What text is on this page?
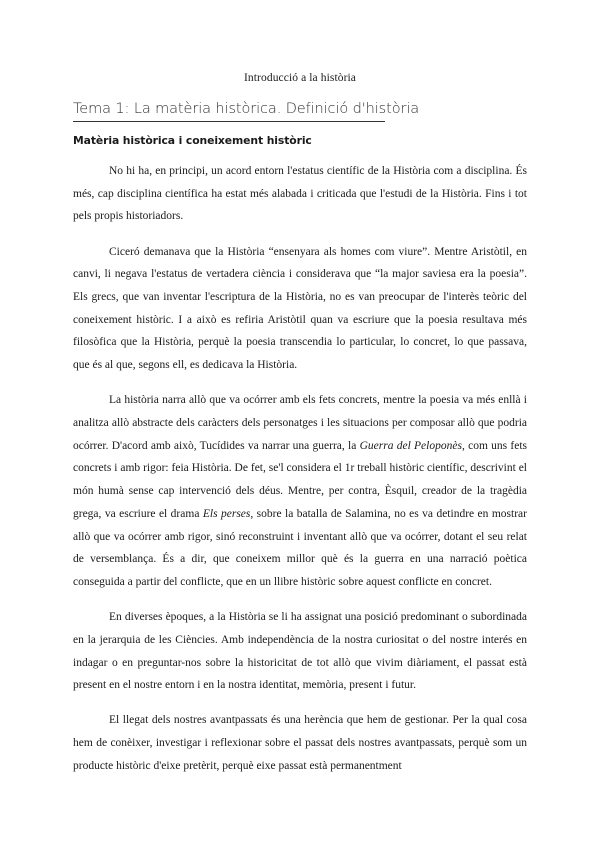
Introducció a la història
Tema 1: La matèria històrica. Definició d'història
Matèria històrica i coneixement històric

No hi ha, en principi, un acord entorn l'estatus científic de la Història com a disciplina. És més, cap disciplina científica ha estat més alabada i criticada que l'estudi de la Història. Fins i tot pels propis historiadors.

Ciceró demanava que la Història “ensenyara als homes com viure”. Mentre Aristòtil, en canvi, li negava l'estatus de vertadera ciència i considerava que “la major saviesa era la poesia”. Els grecs, que van inventar l'escriptura de la Història, no es van preocupar de l'interès teòric del coneixement històric. I a això es refiria Aristòtil quan va escriure que la poesia resultava més filosòfica que la Història, perquè la poesia transcendia lo particular, lo concret, lo que passava, que és al que, segons ell, es dedicava la Història.

La història narra allò que va ocórrer amb els fets concrets, mentre la poesia va més enllà i analitza allò abstracte dels caràcters dels personatges i les situacions per composar allò que podria ocórrer. D'acord amb això, Tucídides va narrar una guerra, la Guerra del Peloponès, com uns fets concrets i amb rigor: feia Història. De fet, se'l considera el 1r treball històric científic, descrivint el món humà sense cap intervenció dels déus. Mentre, per contra, Èsquil, creador de la tragèdia grega, va escriure el drama Els perses, sobre la batalla de Salamina, no es va detindre en mostrar allò que va ocórrer amb rigor, sinó reconstruint i inventant allò que va ocórrer, dotant el seu relat de versemblança. És a dir, que coneixem millor què és la guerra en una narració poètica conseguida a partir del conflicte, que en un llibre històric sobre aquest conflicte en concret.

En diverses èpoques, a la Història se li ha assignat una posició predominant o subordinada en la jerarquia de les Ciències. Amb independència de la nostra curiositat o del nostre interés en indagar o en preguntar-nos sobre la historicitat de tot allò que vivim diàriament, el passat està present en el nostre entorn i en la nostra identitat, memòria, present i futur.

El llegat dels nostres avantpassats és una herència que hem de gestionar. Per la qual cosa hem de conèixer, investigar i reflexionar sobre el passat dels nostres avantpassats, perquè som un producte històric d'eixe pretèrit, perquè eixe passat està permanentment
